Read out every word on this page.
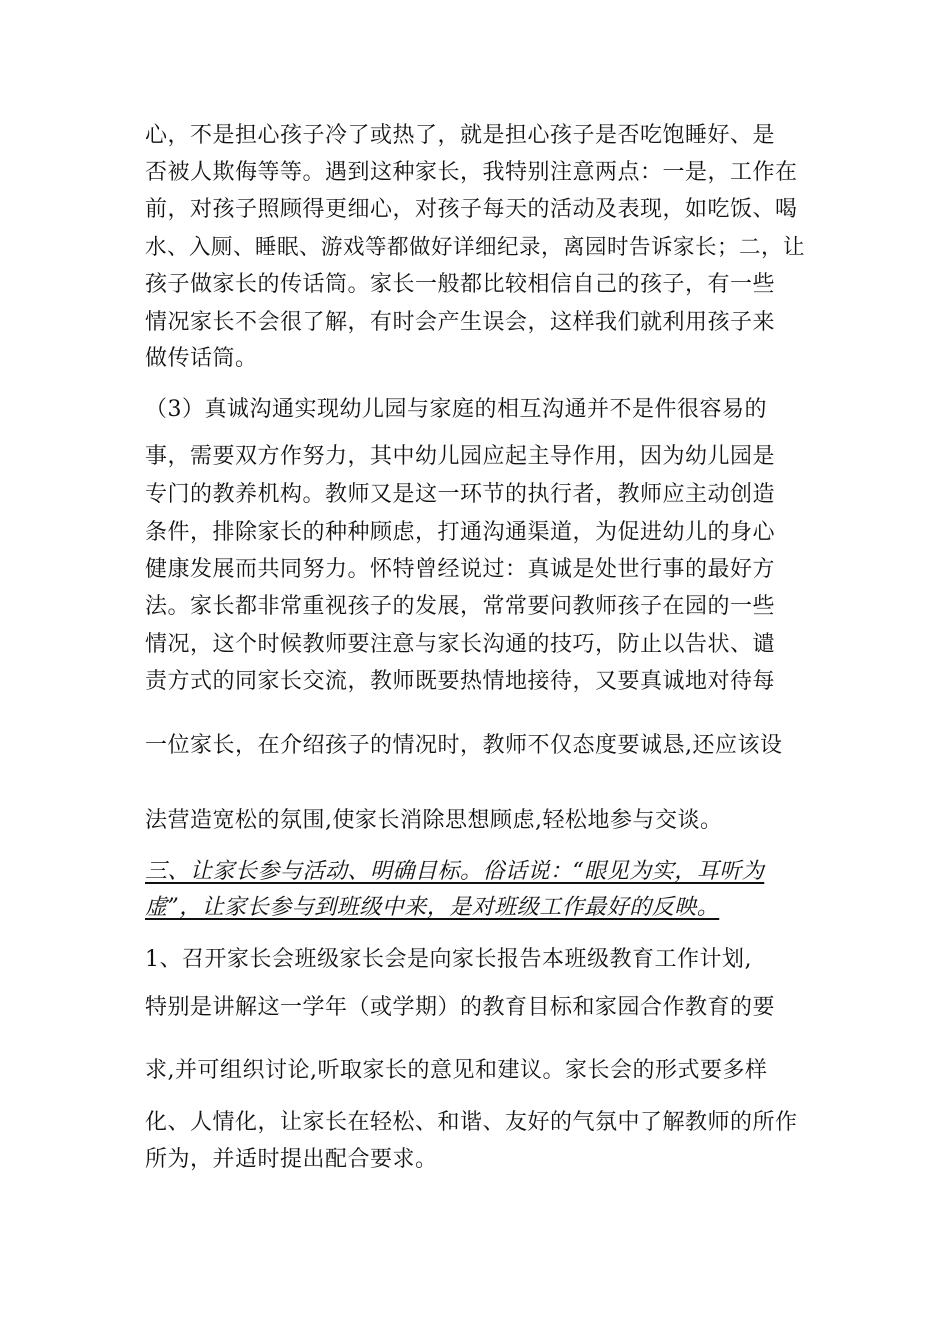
心，不是担心孩子冷了或热了，就是担心孩子是否吃饱睡好、是
否被人欺侮等等。遇到这种家长，我特别注意两点：一是，工作在
前，对孩子照顾得更细心，对孩子每天的活动及表现，如吃饭、喝
水、入厕、睡眠、游戏等都做好详细纪录，离园时告诉家长；二，让
孩子做家长的传话筒。家长一般都比较相信自己的孩子，有一些
情况家长不会很了解，有时会产生误会，这样我们就利用孩子来
做传话筒。
（3）真诚沟通实现幼儿园与家庭的相互沟通并不是件很容易的
事，需要双方作努力，其中幼儿园应起主导作用，因为幼儿园是
专门的教养机构。教师又是这一环节的执行者，教师应主动创造
条件，排除家长的种种顾虑，打通沟通渠道，为促进幼儿的身心
健康发展而共同努力。怀特曾经说过：真诚是处世行事的最好方
法。家长都非常重视孩子的发展，常常要问教师孩子在园的一些
情况，这个时候教师要注意与家长沟通的技巧，防止以告状、谴
责方式的同家长交流，教师既要热情地接待，又要真诚地对待每
一位家长，在介绍孩子的情况时，教师不仅态度要诚恳,还应该设
法营造宽松的氛围,使家长消除思想顾虑,轻松地参与交谈。
三、让家长参与活动、明确目标。俗话说：“眼见为实，耳听为
虚”，让家长参与到班级中来，是对班级工作最好的反映。
1、召开家长会班级家长会是向家长报告本班级教育工作计划,
特别是讲解这一学年（或学期）的教育目标和家园合作教育的要
求,并可组织讨论,听取家长的意见和建议。家长会的形式要多样
化、人情化，让家长在轻松、和谐、友好的气氛中了解教师的所作
所为，并适时提出配合要求。
